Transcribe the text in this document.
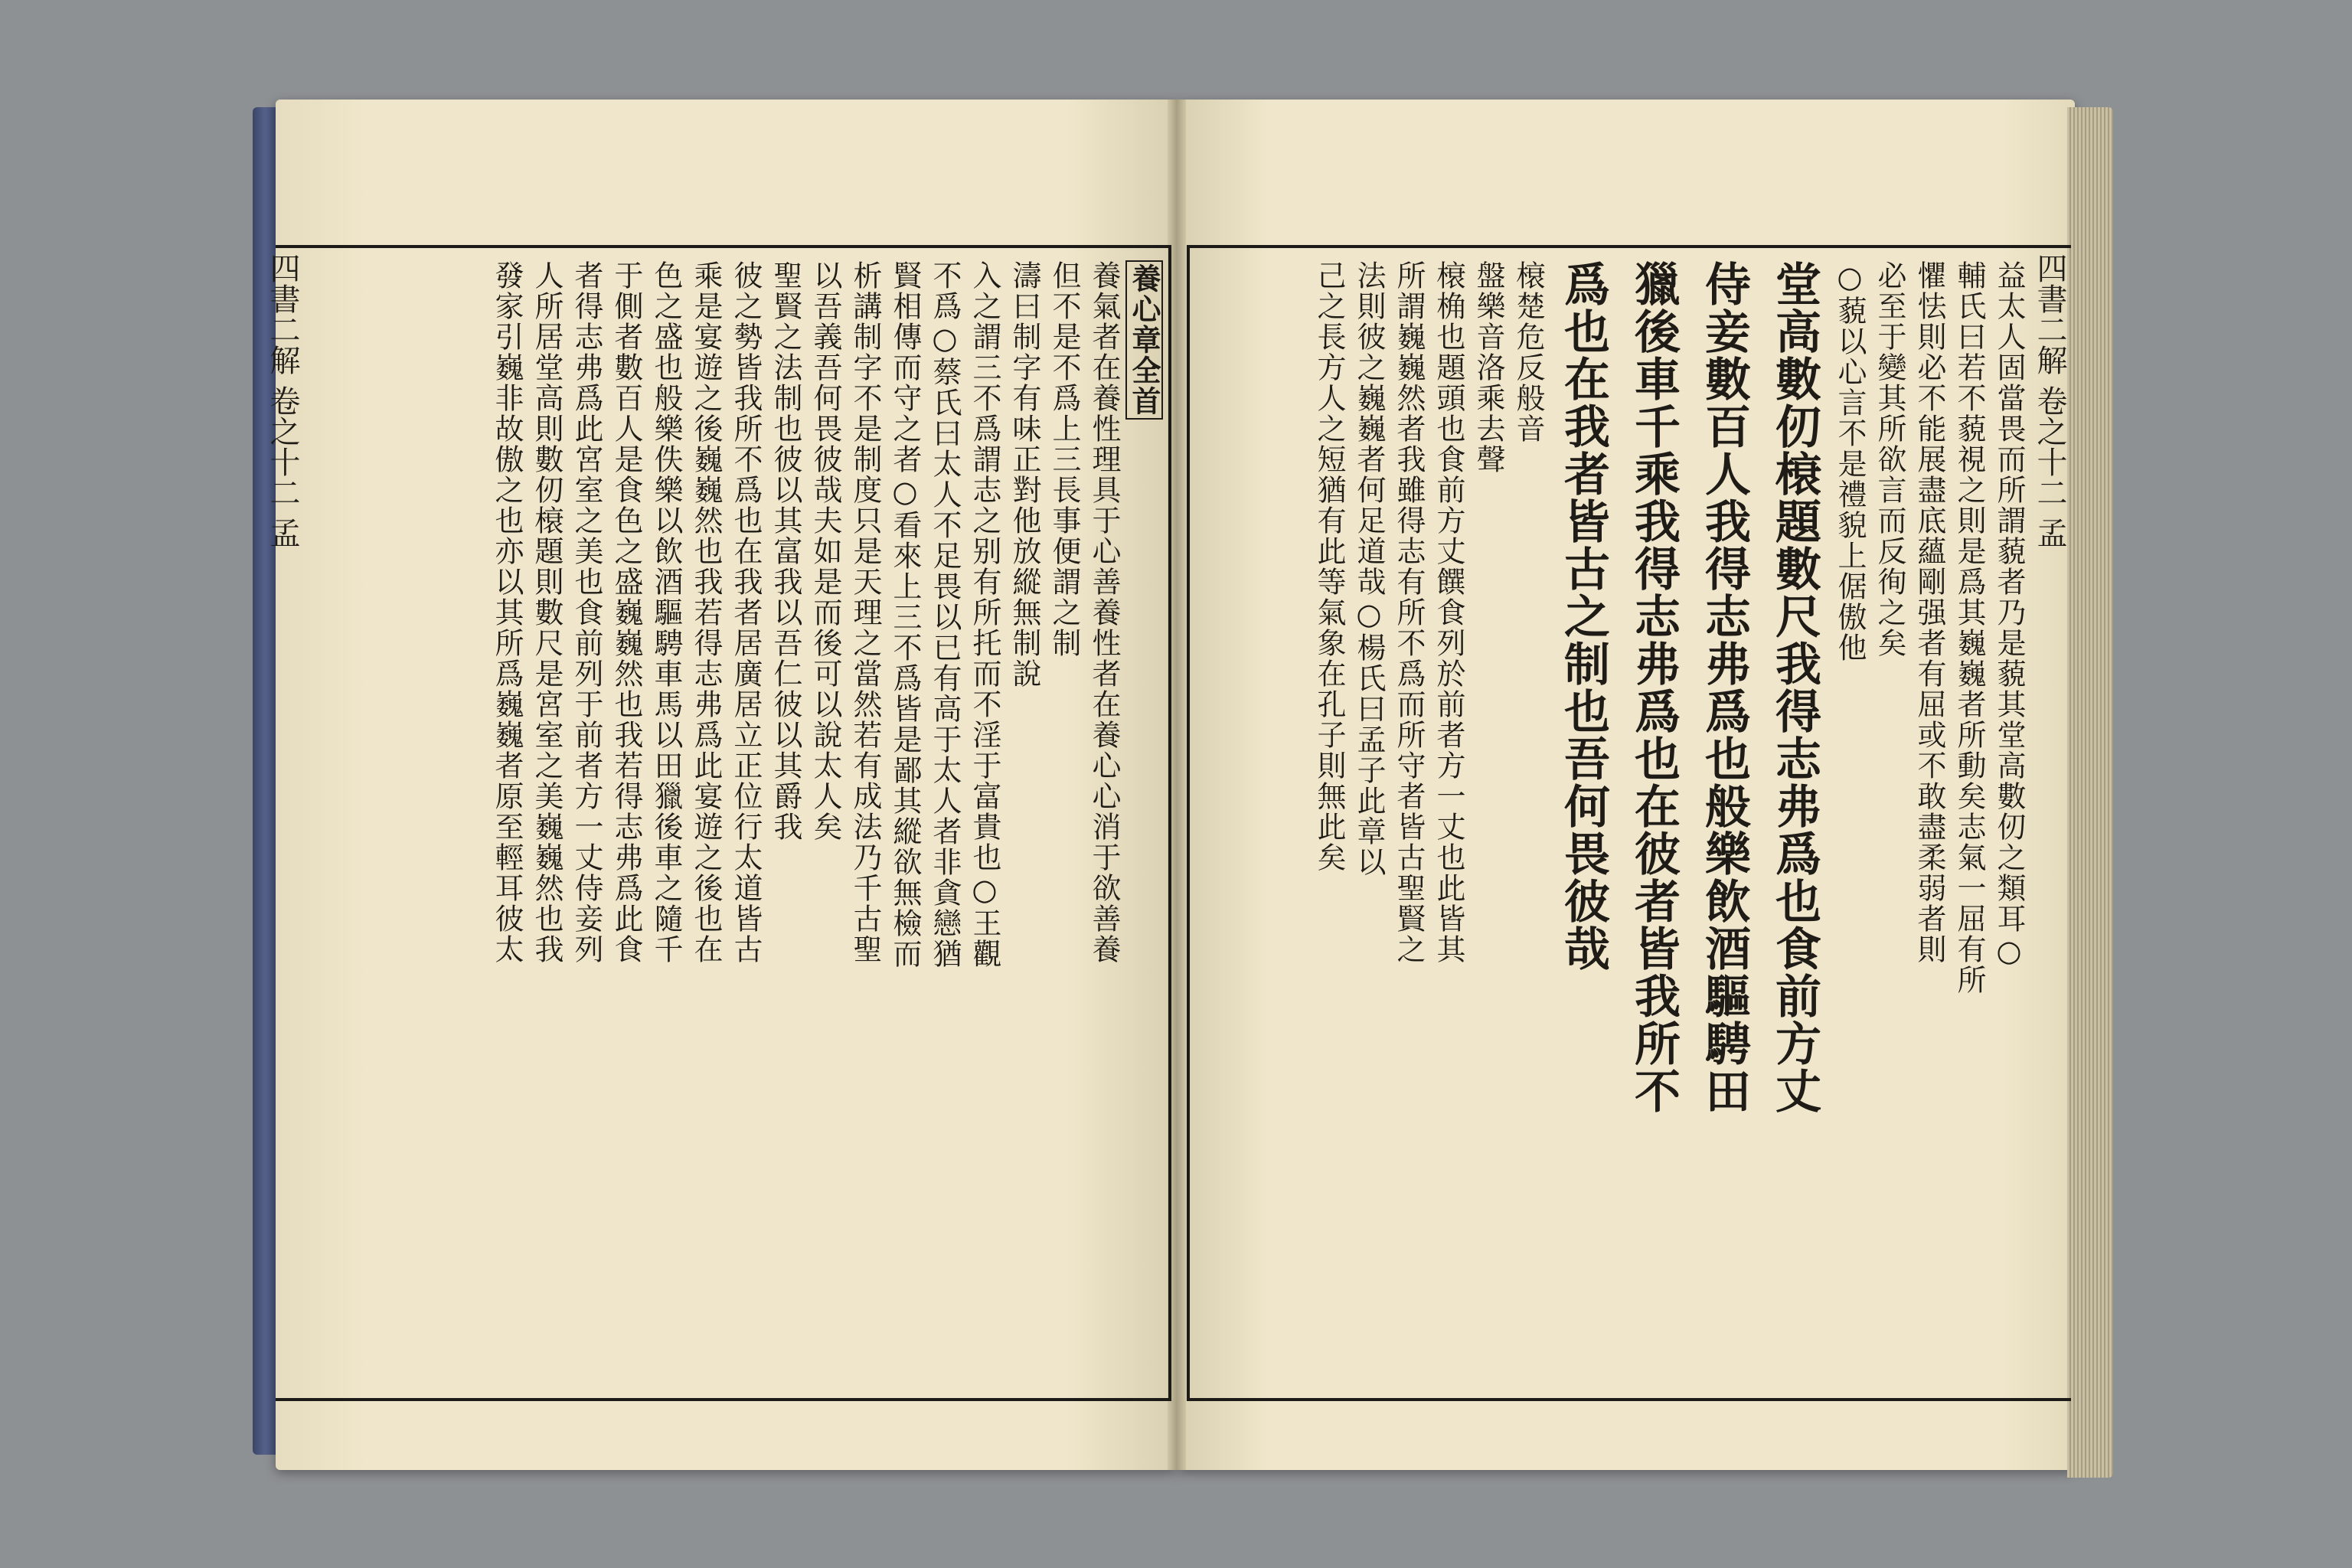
四書二解 卷之十二 孟	四書二解 卷之十二 孟
養心章全首
養氣者在養性理具于心善養性者在養心心消于欲善養
但不是不爲上三長事便謂之制
濤曰制字有味正對他放縱無制說
入之謂三不爲謂志之别有所托而不淫于富貴也○王觀
不爲○蔡氏曰太人不足畏以已有高于太人者非貪戀猶
賢相傳而守之者○看來上三不爲皆是鄙其縱欲無檢而
析講制字不是制度只是天理之當然若有成法乃千古聖
以吾義吾何畏彼哉夫如是而後可以說太人矣
聖賢之法制也彼以其富我以吾仁彼以其爵我
彼之勢皆我所不爲也在我者居廣居立正位行太道皆古
乘是宴遊之後巍巍然也我若得志弗爲此宴遊之後也在
色之盛也般樂佚樂以飲酒驅騁車馬以田獵後車之隨千
于側者數百人是食色之盛巍巍然也我若得志弗爲此食
者得志弗爲此宮室之美也食前列于前者方一丈侍妾列
人所居堂高則數仞榱題則數尺是宮室之美巍巍然也我
發家引巍非故傲之也亦以其所爲巍巍者原至輕耳彼太	益太人固當畏而所謂藐者乃是藐其堂高數仞之類耳○
輔氏曰若不藐視之則是爲其巍巍者所動矣志氣一屈有所
懼怯則必不能展盡底蘊剛强者有屈或不敢盡柔弱者則
必至于變其所欲言而反徇之矣
○藐以心言不是禮貌上倨傲他
堂高數仞榱題數尺我得志弗爲也食前方丈
侍妾數百人我得志弗爲也般樂飲酒驅騁田
獵後車千乘我得志弗爲也在彼者皆我所不
爲也在我者皆古之制也吾何畏彼哉
榱楚危反般音
盤樂音洛乘去聲
榱桷也題頭也食前方丈饌食列於前者方一丈也此皆其
所謂巍巍然者我雖得志有所不爲而所守者皆古聖賢之
法則彼之巍巍者何足道哉○楊氏曰孟子此章以
己之長方人之短猶有此等氣象在孔子則無此矣
